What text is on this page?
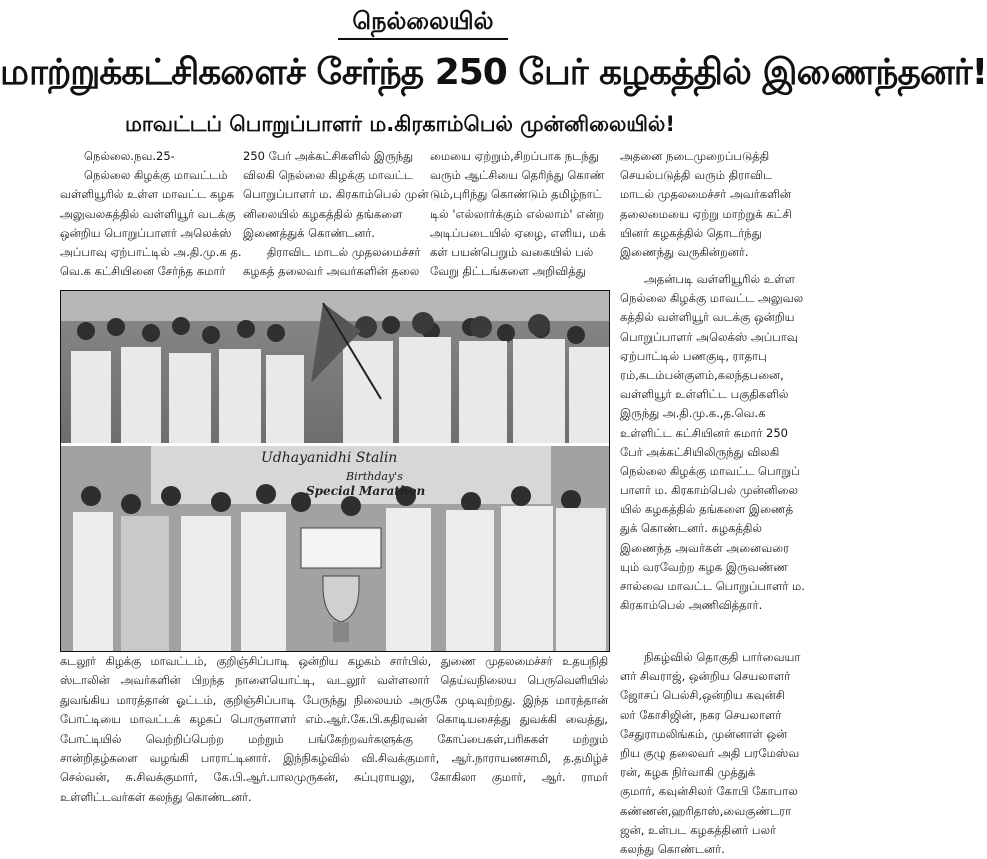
நெல்லையில்
மாற்றுக்கட்சிகளைச் சேர்ந்த 250 பேர் கழகத்தில் இணைந்தனர்!
மாவட்டப் பொறுப்பாளர் ம.கிரகாம்பெல் முன்னிலையில்!
நெல்லை.நவ.25-
நெல்லை கிழக்கு மாவட்டம்
வள்ளியூரில் உள்ள மாவட்ட கழக
அலுவலகத்தில் வள்ளியூர் வடக்கு
ஒன்றிய பொறுப்பாளர் அலெக்ஸ்
அப்பாவு ஏற்பாட்டில் அ.தி.மு.க த.
வெ.க கட்சியினை சேர்ந்த சுமார்
250 பேர் அக்கட்சிகளில் இருந்து
விலகி நெல்லை கிழக்கு மாவட்ட
பொறுப்பாளர் ம. கிரகாம்பெல் முன்
னிலையில் கழகத்தில் தங்களை
இணைத்துக் கொண்டனர்.
திராவிட மாடல் முதலமைச்சர்
கழகத் தலைவர் அவர்களின் தலை
மையை ஏற்றும்,சிறப்பாக நடந்து
வரும் ஆட்சியை தெரிந்து கொண்
டும்,புரிந்து கொண்டும் தமிழ்நாட்
டில் 'எல்லார்க்கும் எல்லாம்' என்ற
அடிப்படையில் ஏழை, எளிய, மக்
கள் பயன்பெறும் வகையில் பல்
வேறு திட்டங்களை அறிவித்து
அதனை நடைமுறைப்படுத்தி
செயல்படுத்தி வரும் திராவிட
மாடல் முதலமைச்சர் அவர்களின்
தலைமையை ஏற்று மாற்றுக் கட்சி
யினர் கழகத்தில் தொடர்ந்து
இணைந்து வருகின்றனர்.
அதன்படி வள்ளியூரில் உள்ள
நெல்லை கிழக்கு மாவட்ட அலுவல
கத்தில் வள்ளியூர் வடக்கு ஒன்றிய
பொறுப்பாளர் அலெக்ஸ் அப்பாவு
ஏற்பாட்டில் பணகுடி, ராதாபு
ரம்,கடம்பன்குளம்,கலந்தபனை,
வள்ளியூர் உள்ளிட்ட பகுதிகளில்
இருந்து அ.தி.மு.க.,த.வெ.க
உள்ளிட்ட கட்சியினர் சுமார் 250
பேர் அக்கட்சியிலிருந்து விலகி
நெல்லை கிழக்கு மாவட்ட பொறுப்
பாளர் ம. கிரகாம்பெல் முன்னிலை
யில் கழகத்தில் தங்களை இணைத்
துக் கொண்டனர். கழகத்தில்
இணைந்த அவர்கள் அனைவரை
யும் வரவேற்ற கழக இருவண்ண
சால்வை மாவட்ட பொறுப்பாளர் ம.
கிரகாம்பெல் அணிவித்தார்.
நிகழ்வில் தொகுதி பார்வையா
ளர் சிவராஜ், ஒன்றிய செயலாளர்
ஜோசப் பெல்சி,ஒன்றிய கவுன்சி
லர் கோசிஜின், நகர செயலாளர்
சேதுராமலிங்கம், முன்னாள் ஒன்
றிய குழு தலைவர் அதி பரமேஸ்வ
ரன், கழக நிர்வாகி முத்துக்
குமார், கவுன்சிலர் கோபி கோபால
கண்ணன்,ஹரிதாஸ்,வைகுண்டரா
ஜன், உள்பட கழகத்தினர் பலர்
கலந்து கொண்டனர்.
Udhayanidhi Stalin
Birthday's
Special Marathon
கடலூர் கிழக்கு மாவட்டம், குறிஞ்சிப்பாடி ஒன்றிய கழகம் சார்பில், துணை முதலமைச்சர் உதயநிதி
ஸ்டாலின் அவர்களின் பிறந்த நாளையொட்டி, வடலூர் வள்ளலார் தெய்வநிலைய பெருவெளியில்
துவங்கிய மாரத்தான் ஓட்டம், குறிஞ்சிப்பாடி பேருந்து நிலையம் அருகே முடிவுற்றது. இந்த மாரத்தான்
போட்டியை மாவட்டக் கழகப் பொருளாளர் எம்.ஆர்.கே.பி.கதிரவன் கொடியசைத்து துவக்கி வைத்து,
போட்டியில் வெற்றிப்பெற்ற மற்றும் பங்கேற்றவர்களுக்கு கோப்பைகள்,பரிசுகள் மற்றும்
சான்றிதழ்களை வழங்கி பாராட்டினார். இந்நிகழ்வில் வி.சிவக்குமார், ஆர்.நாராயணசாமி, த.தமிழ்ச்
செல்வன், சு.சிவக்குமார், கே.பி.ஆர்.பாலமுருகன், சுப்புராயலு, கோகிலா குமார், ஆர். ராமர்
உள்ளிட்டவர்கள் கலந்து கொண்டனர்.
